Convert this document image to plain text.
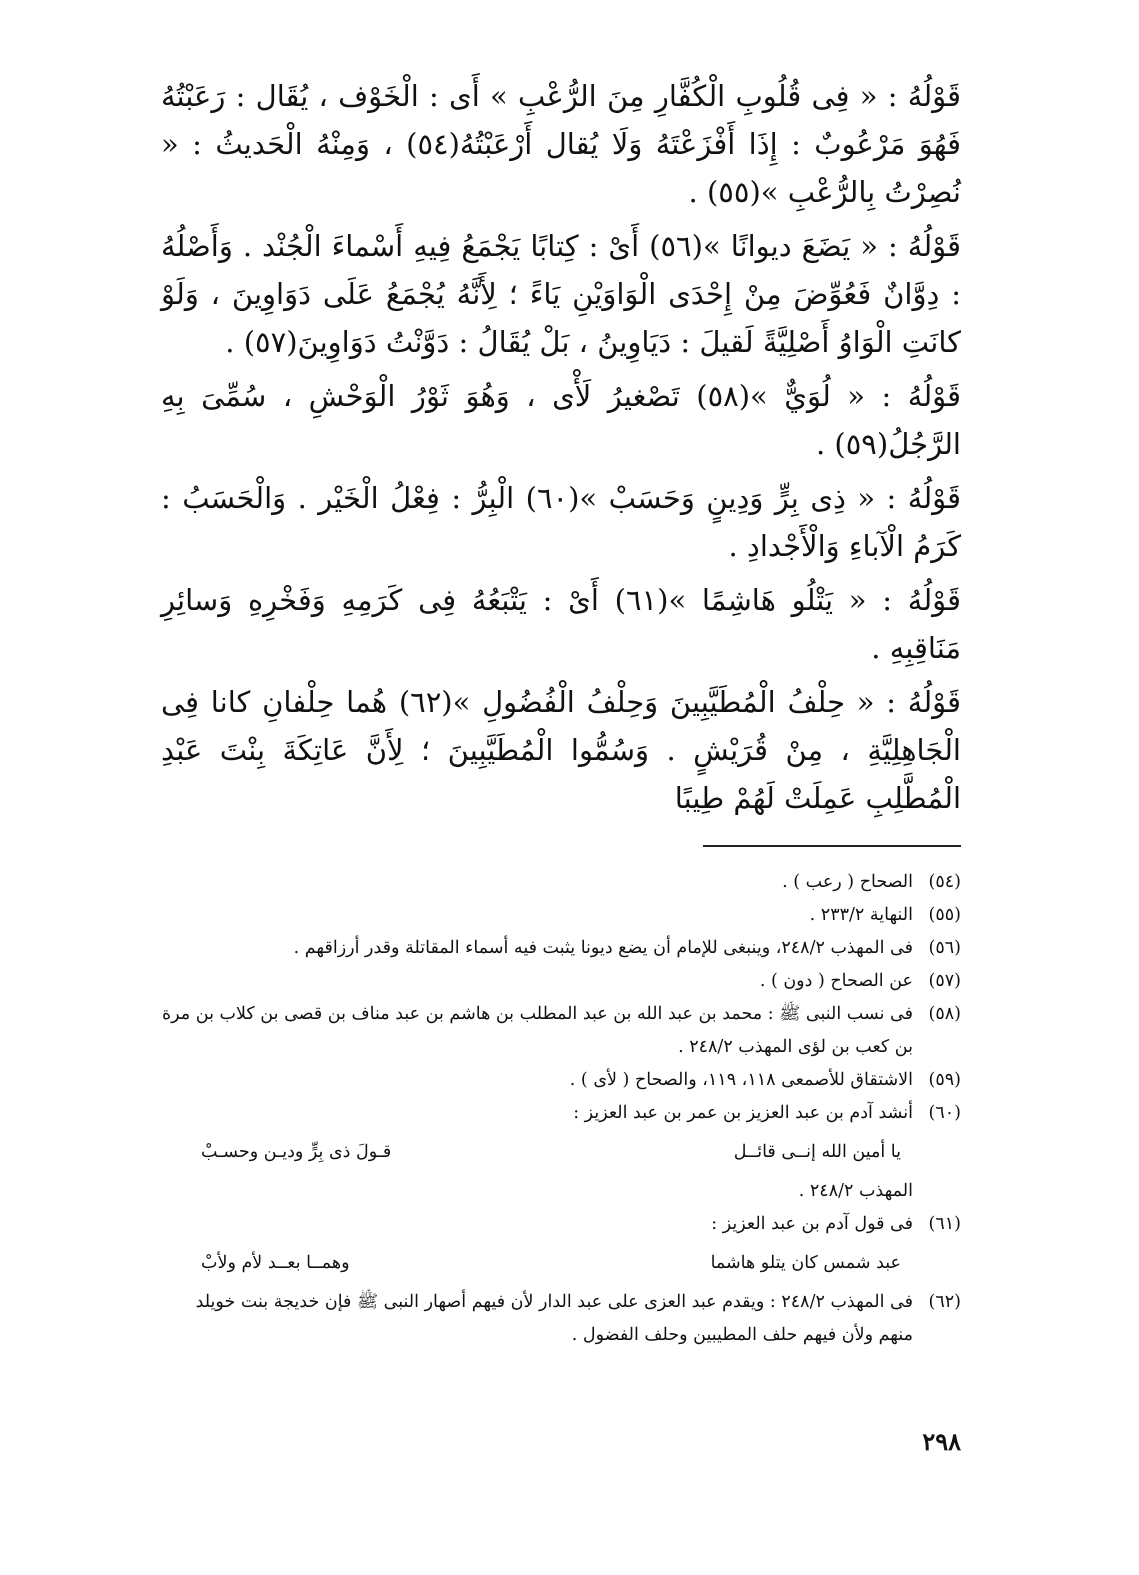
قَوْلُهُ : « فِى قُلُوبِ الْكُفَّارِ مِنَ الرُّعْبِ » أَى : الْخَوْف ، يُقَال : رَعَبْتُهُ فَهُوَ مَرْعُوبٌ : إِذَا أَفْزَعْتَهُ وَلَا يُقال أَرْعَبْتُهُ(٥٤) ، وَمِنْهُ الْحَديثُ : « نُصِرْتُ بِالرُّعْبِ »(٥٥) .

قَوْلُهُ : « يَضَعَ ديوانًا »(٥٦) أَىْ : كِتابًا يَجْمَعُ فِيهِ أَسْماءَ الْجُنْد . وَأَصْلُهُ : دِوَّانٌ فَعُوِّضَ مِنْ إِحْدَى الْوَاوَيْنِ يَاءً ؛ لِأَنَّهُ يُجْمَعُ عَلَى دَوَاوِينَ ، وَلَوْ كانَتِ الْوَاوُ أَصْلِيَّةً لَقيلَ : دَيَاوِينُ ، بَلْ يُقَالُ : دَوَّنْتُ دَوَاوِينَ(٥٧) .

قَوْلُهُ : « لُوَيٌّ »(٥٨) تَصْغيرُ لَأْى ، وَهُوَ ثَوْرُ الْوَحْشِ ، سُمِّىَ بِهِ الرَّجُلُ(٥٩) .

قَوْلُهُ : « ذِى بِرٍّ وَدِينٍ وَحَسَبْ »(٦٠) الْبِرُّ : فِعْلُ الْخَيْر . وَالْحَسَبُ : كَرَمُ الْآباءِ وَالْأَجْدادِ .

قَوْلُهُ : « يَتْلُو هَاشِمًا »(٦١) أَىْ : يَتْبَعُهُ فِى كَرَمِهِ وَفَخْرِهِ وَسائِرِ مَنَاقِبِهِ .

قَوْلُهُ : « حِلْفُ الْمُطَيَّبِينَ وَحِلْفُ الْفُضُولِ »(٦٢) هُما حِلْفانِ كانا فِى الْجَاهِلِيَّةِ ، مِنْ قُرَيْشٍ . وَسُمُّوا الْمُطَيَّبِينَ ؛ لِأَنَّ عَاتِكَةَ بِنْتَ عَبْدِ الْمُطَّلِبِ عَمِلَتْ لَهُمْ طِيبًا

(٥٤)
الصحاح ( رعب ) .
(٥٥)
النهاية ٢٣٣/٢ .
(٥٦)
فى المهذب ٢٤٨/٢، وينبغى للإمام أن يضع ديونا يثبت فيه أسماء المقاتلة وقدر أرزاقهم .
(٥٧)
عن الصحاح ( دون ) .
(٥٨)
فى نسب النبى ﷺ : محمد بن عبد الله بن عبد المطلب بن هاشم بن عبد مناف بن قصى بن كلاب بن مرة بن كعب بن لؤى المهذب ٢٤٨/٢ .
(٥٩)
الاشتقاق للأصمعى ١١٨، ١١٩، والصحاح ( لأى ) .
(٦٠)
أنشد آدم بن عبد العزيز بن عمر بن عبد العزيز :
يا أمين الله إنــى قائــل
قـولَ ذى بِرٍّ وديـن وحسـبْ
المهذب ٢٤٨/٢ .
(٦١)
فى قول آدم بن عبد العزيز :
عبد شمس كان يتلو هاشما
وهمــا بعــد لأم ولأبْ
(٦٢)
فى المهذب ٢٤٨/٢ : ويقدم عبد العزى على عبد الدار لأن فيهم أصهار النبى ﷺ فإن خديجة بنت خويلد منهم ولأن فيهم حلف المطيبين وحلف الفضول .
٢٩٨
